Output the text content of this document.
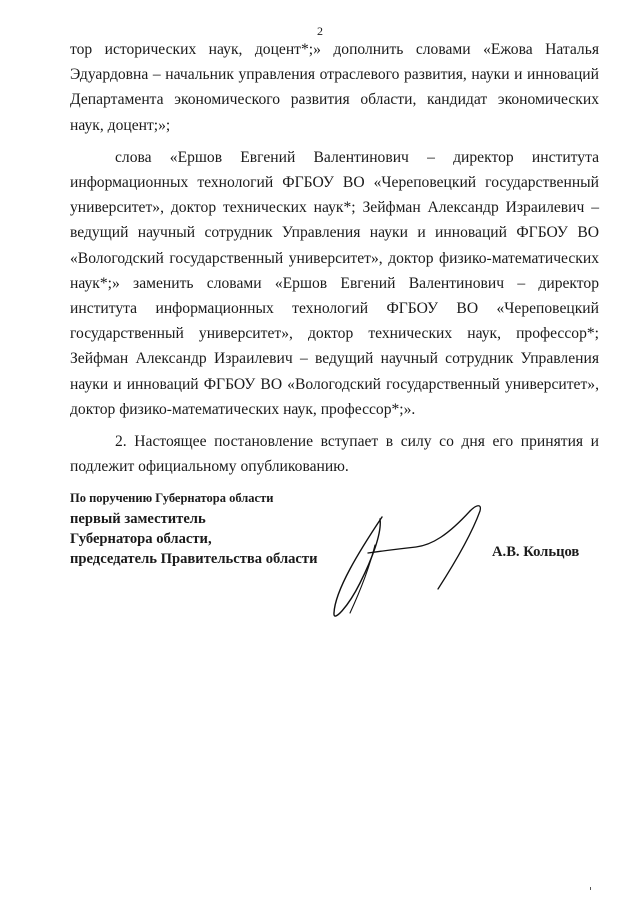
2

тор исторических наук, доцент*;» дополнить словами «Ежова Наталья Эдуардовна – начальник управления отраслевого развития, науки и инноваций Департамента экономического развития области, кандидат экономических наук, доцент;»;

слова «Ершов Евгений Валентинович – директор института информационных технологий ФГБОУ ВО «Череповецкий государственный университет», доктор технических наук*; Зейфман Александр Израилевич – ведущий научный сотрудник Управления науки и инноваций ФГБОУ ВО «Вологодский государственный университет», доктор физико-математических наук*;» заменить словами «Ершов Евгений Валентинович – директор института информационных технологий ФГБОУ ВО «Череповецкий государственный университет», доктор технических наук, профессор*; Зейфман Александр Израилевич – ведущий научный сотрудник Управления науки и инноваций ФГБОУ ВО «Вологодский государственный университет», доктор физико-математических наук, профессор*;».

2. Настоящее постановление вступает в силу со дня его принятия и подлежит официальному опубликованию.

По поручению Губернатора области
первый заместитель
Губернатора области,
председатель Правительства области	А.В. Кольцов
